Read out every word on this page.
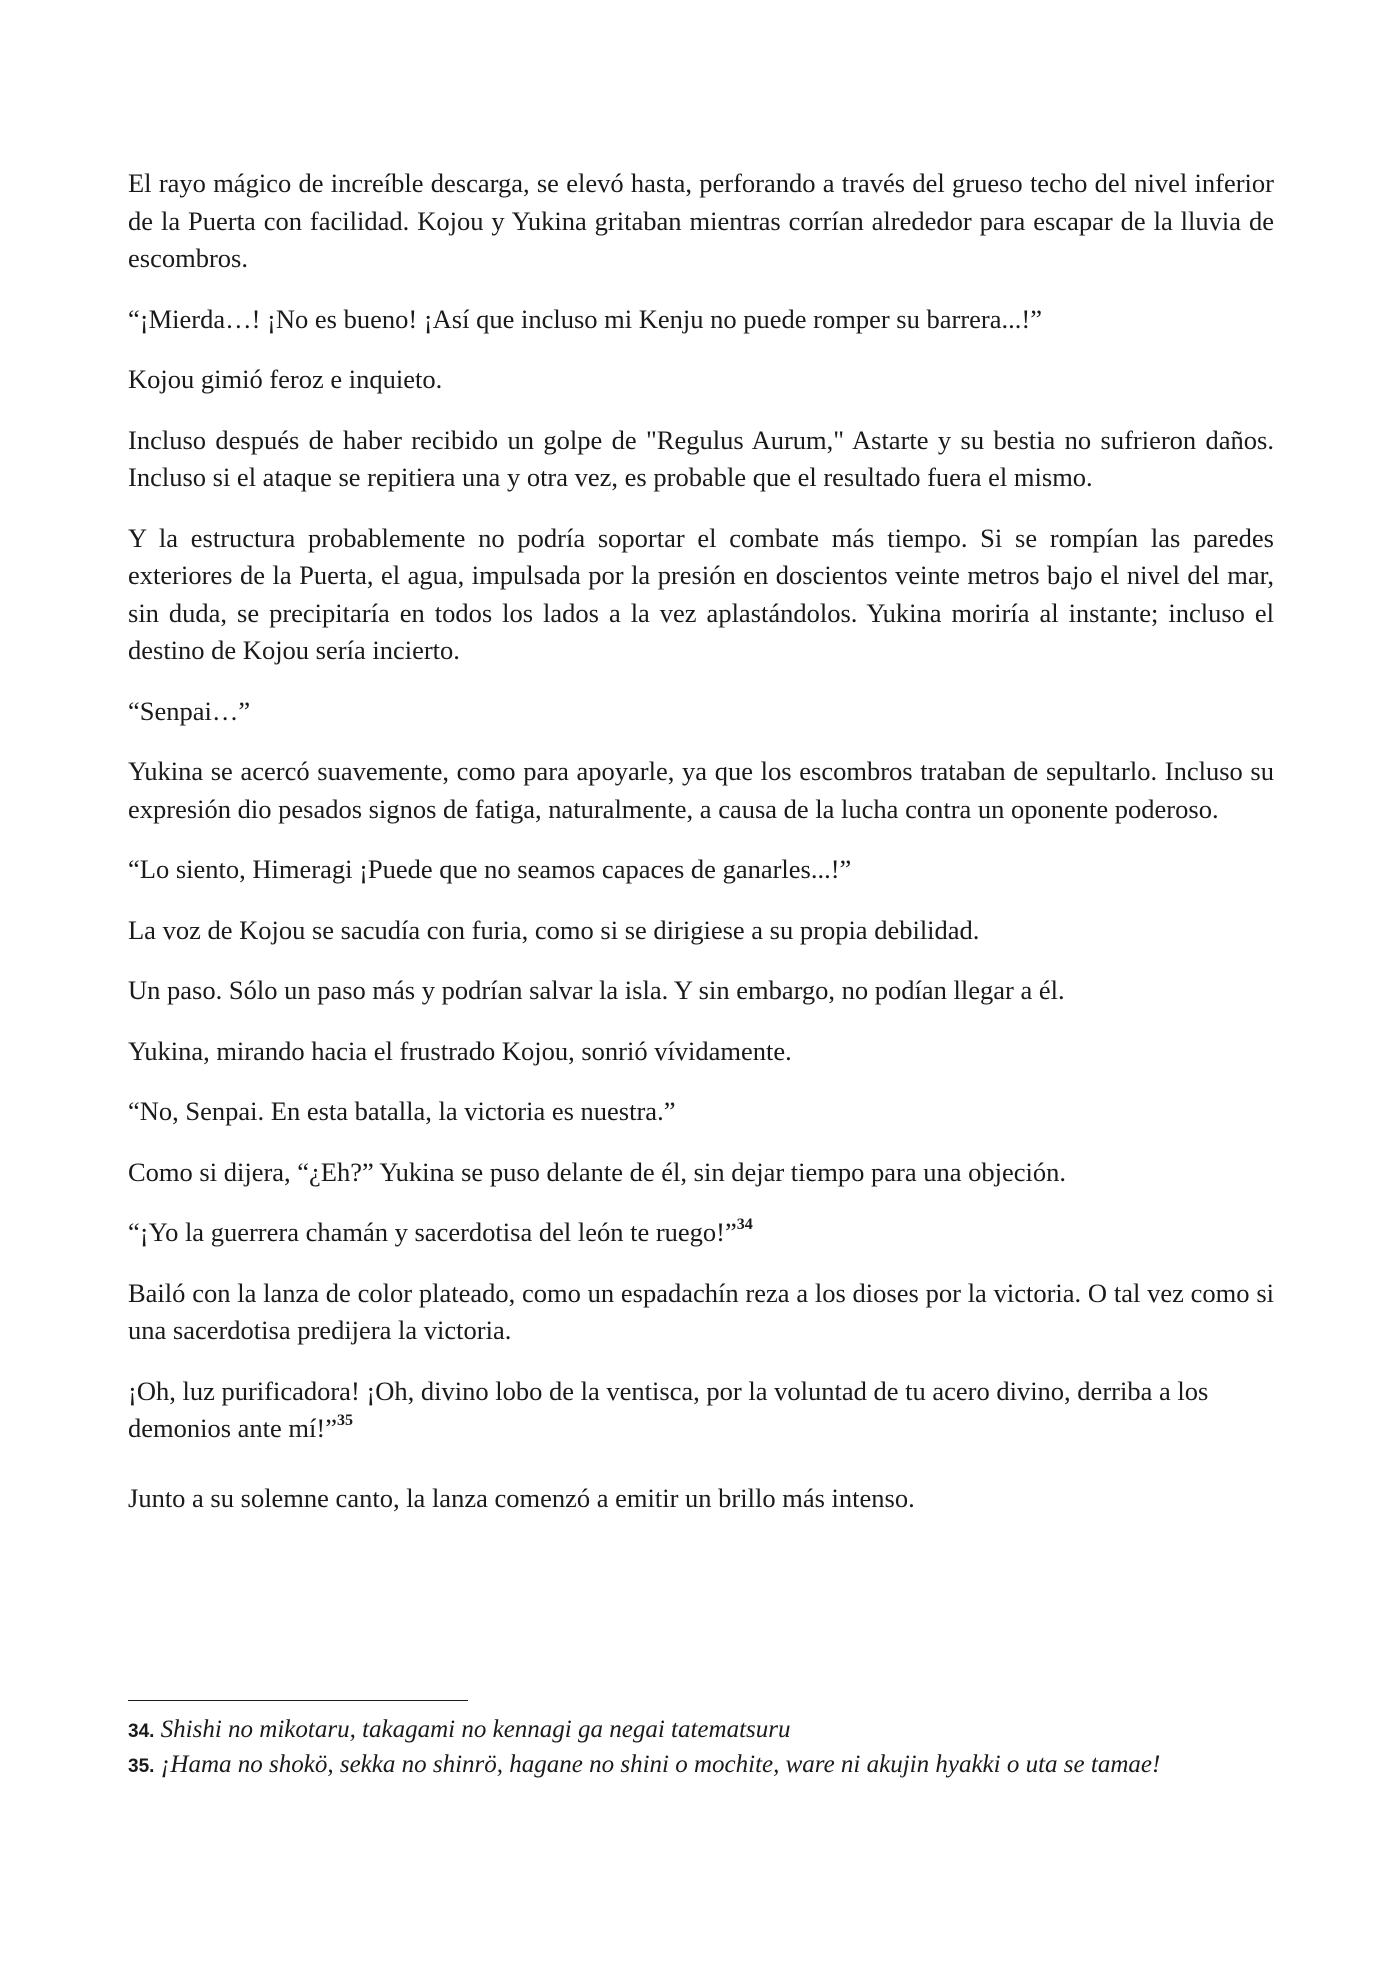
El rayo mágico de increíble descarga, se elevó hasta, perforando a través del grueso techo del nivel inferior de la Puerta con facilidad. Kojou y Yukina gritaban mientras corrían alrededor para escapar de la lluvia de escombros.

“¡Mierda…! ¡No es bueno! ¡Así que incluso mi Kenju no puede romper su barrera...!”

Kojou gimió feroz e inquieto.

Incluso después de haber recibido un golpe de "Regulus Aurum," Astarte y su bestia no sufrieron daños. Incluso si el ataque se repitiera una y otra vez, es probable que el resultado fuera el mismo.

Y la estructura probablemente no podría soportar el combate más tiempo. Si se rompían las paredes exteriores de la Puerta, el agua, impulsada por la presión en doscientos veinte metros bajo el nivel del mar, sin duda, se precipitaría en todos los lados a la vez aplastándolos. Yukina moriría al instante; incluso el destino de Kojou sería incierto.

“Senpai…”

Yukina se acercó suavemente, como para apoyarle, ya que los escombros trataban de sepultarlo. Incluso su expresión dio pesados signos de fatiga, naturalmente, a causa de la lucha contra un oponente poderoso.

“Lo siento, Himeragi ¡Puede que no seamos capaces de ganarles...!”

La voz de Kojou se sacudía con furia, como si se dirigiese a su propia debilidad.

Un paso. Sólo un paso más y podrían salvar la isla. Y sin embargo, no podían llegar a él.

Yukina, mirando hacia el frustrado Kojou, sonrió vívidamente.

“No, Senpai. En esta batalla, la victoria es nuestra.”

Como si dijera, “¿Eh?” Yukina se puso delante de él, sin dejar tiempo para una objeción.

“¡Yo la guerrera chamán y sacerdotisa del león te ruego!”$^{34}$

Bailó con la lanza de color plateado, como un espadachín reza a los dioses por la victoria. O tal vez como si una sacerdotisa predijera la victoria.

¡Oh, luz purificadora! ¡Oh, divino lobo de la ventisca, por la voluntad de tu acero divino, derriba a los demonios ante mí!”$^{35}$

Junto a su solemne canto, la lanza comenzó a emitir un brillo más intenso.

34. Shishi no mikotaru, takagami no kennagi ga negai tatematsuru

35. ¡Hama no shokö, sekka no shinrö, hagane no shini o mochite, ware ni akujin hyakki o uta se tamae!
